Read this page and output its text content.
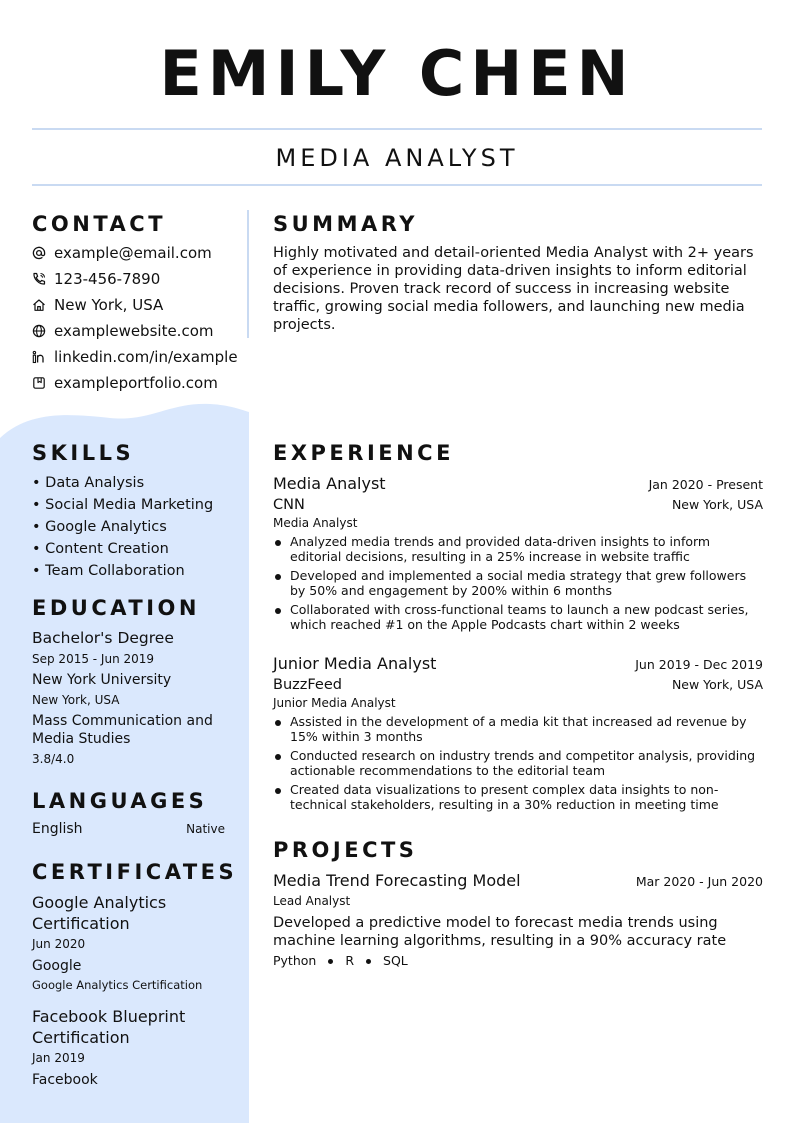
EMILY CHEN
MEDIA ANALYST
CONTACT
example@email.com
123-456-7890
New York, USA
examplewebsite.com
linkedin.com/in/example
exampleportfolio.com
SKILLS
• Data Analysis
• Social Media Marketing
• Google Analytics
• Content Creation
• Team Collaboration
EDUCATION
Bachelor's Degree
Sep 2015 - Jun 2019
New York University
New York, USA
Mass Communication and Media Studies
3.8/4.0
LANGUAGES
English	Native
CERTIFICATES
Google Analytics Certification
Jun 2020
Google
Google Analytics Certification
Facebook Blueprint Certification
Jan 2019
Facebook
SUMMARY
Highly motivated and detail-oriented Media Analyst with 2+ years of experience in providing data-driven insights to inform editorial decisions. Proven track record of success in increasing website traffic, growing social media followers, and launching new media projects.
EXPERIENCE
Media Analyst	Jan 2020 - Present
CNN	New York, USA
Media Analyst
Analyzed media trends and provided data-driven insights to inform editorial decisions, resulting in a 25% increase in website traffic
Developed and implemented a social media strategy that grew followers by 50% and engagement by 200% within 6 months
Collaborated with cross-functional teams to launch a new podcast series, which reached #1 on the Apple Podcasts chart within 2 weeks
Junior Media Analyst	Jun 2019 - Dec 2019
BuzzFeed	New York, USA
Junior Media Analyst
Assisted in the development of a media kit that increased ad revenue by 15% within 3 months
Conducted research on industry trends and competitor analysis, providing actionable recommendations to the editorial team
Created data visualizations to present complex data insights to non-technical stakeholders, resulting in a 30% reduction in meeting time
PROJECTS
Media Trend Forecasting Model	Mar 2020 - Jun 2020
Lead Analyst
Developed a predictive model to forecast media trends using machine learning algorithms, resulting in a 90% accuracy rate
Python R SQL
